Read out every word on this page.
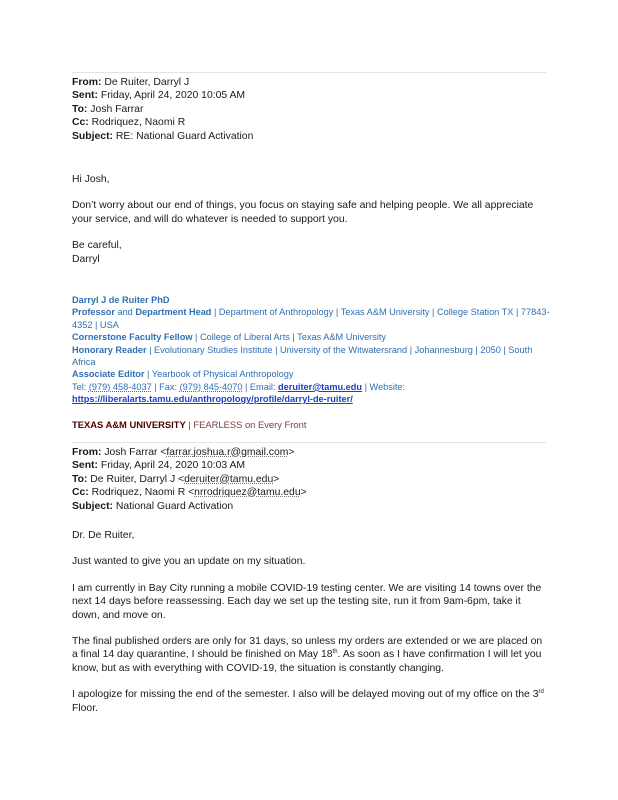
From: De Ruiter, Darryl J
Sent: Friday, April 24, 2020 10:05 AM
To: Josh Farrar
Cc: Rodriquez, Naomi R
Subject: RE: National Guard Activation

Hi Josh,

Don’t worry about our end of things, you focus on staying safe and helping people. We all appreciate your service, and will do whatever is needed to support you.

Be careful,

Darryl

Darryl J de Ruiter PhD
Professor and Department Head | Department of Anthropology | Texas A&M University | College Station TX | 77843-4352 | USA
Cornerstone Faculty Fellow | College of Liberal Arts | Texas A&M University
Honorary Reader | Evolutionary Studies Institute | University of the Witwatersrand | Johannesburg | 2050 | South Africa
Associate Editor | Yearbook of Physical Anthropology
Tel: (979) 458-4037 | Fax: (979) 845-4070 | Email: deruiter@tamu.edu | Website:
https://liberalarts.tamu.edu/anthropology/profile/darryl-de-ruiter/
TEXAS A&M UNIVERSITY | FEARLESS on Every Front
From: Josh Farrar <farrar.joshua.r@gmail.com>
Sent: Friday, April 24, 2020 10:03 AM
To: De Ruiter, Darryl J <deruiter@tamu.edu>
Cc: Rodriquez, Naomi R <nrrodriquez@tamu.edu>
Subject: National Guard Activation

Dr. De Ruiter,

Just wanted to give you an update on my situation.

I am currently in Bay City running a mobile COVID-19 testing center. We are visiting 14 towns over the next 14 days before reassessing. Each day we set up the testing site, run it from 9am-6pm, take it down, and move on.

The final published orders are only for 31 days, so unless my orders are extended or we are placed on a final 14 day quarantine, I should be finished on May 18th. As soon as I have confirmation I will let you know, but as with everything with COVID-19, the situation is constantly changing.

I apologize for missing the end of the semester. I also will be delayed moving out of my office on the 3rd Floor.
